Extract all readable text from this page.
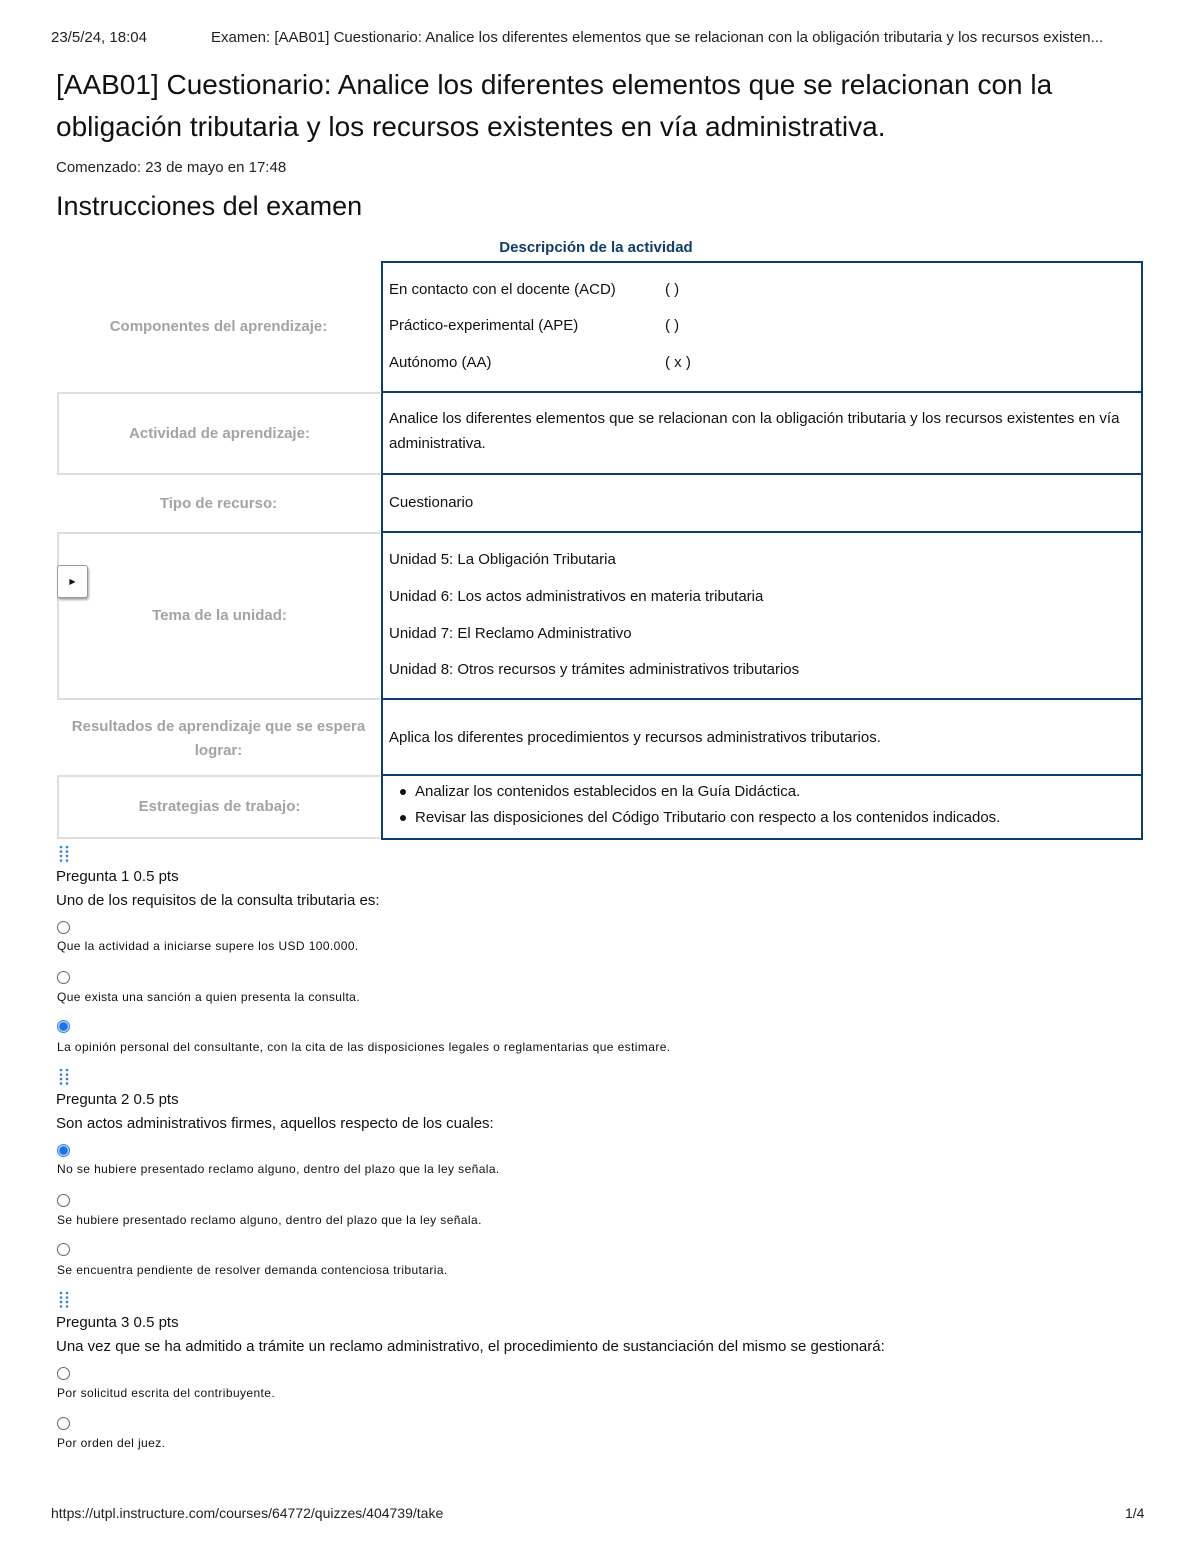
23/5/24, 18:04	Examen: [AAB01] Cuestionario: Analice los diferentes elementos que se relacionan con la obligación tributaria y los recursos existen...
[AAB01] Cuestionario: Analice los diferentes elementos que se relacionan con la obligación tributaria y los recursos existentes en vía administrativa.
Comenzado: 23 de mayo en 17:48
Instrucciones del examen
Descripción de la actividad
Componentes del aprendizaje:
En contacto con el docente (ACD)	( )
Práctico-experimental (APE)	( )
Autónomo (AA)	( x )
Actividad de aprendizaje:
Analice los diferentes elementos que se relacionan con la obligación tributaria y los recursos existentes en vía administrativa.
Tipo de recurso:	Cuestionario
Tema de la unidad:
Unidad 5: La Obligación Tributaria
Unidad 6: Los actos administrativos en materia tributaria
Unidad 7: El Reclamo Administrativo
Unidad 8: Otros recursos y trámites administrativos tributarios
▶
Resultados de aprendizaje que se espera lograr:
Aplica los diferentes procedimientos y recursos administrativos tributarios.
Estrategias de trabajo:
Analizar los contenidos establecidos en la Guía Didáctica.
Revisar las disposiciones del Código Tributario con respecto a los contenidos indicados.
Pregunta 1 0.5 pts
Uno de los requisitos de la consulta tributaria es:
Que la actividad a iniciarse supere los USD 100.000.
Que exista una sanción a quien presenta la consulta.
La opinión personal del consultante, con la cita de las disposiciones legales o reglamentarias que estimare.
Pregunta 2 0.5 pts
Son actos administrativos firmes, aquellos respecto de los cuales:
No se hubiere presentado reclamo alguno, dentro del plazo que la ley señala.
Se hubiere presentado reclamo alguno, dentro del plazo que la ley señala.
Se encuentra pendiente de resolver demanda contenciosa tributaria.
Pregunta 3 0.5 pts
Una vez que se ha admitido a trámite un reclamo administrativo, el procedimiento de sustanciación del mismo se gestionará:
Por solicitud escrita del contribuyente.
Por orden del juez.
https://utpl.instructure.com/courses/64772/quizzes/404739/take	1/4
